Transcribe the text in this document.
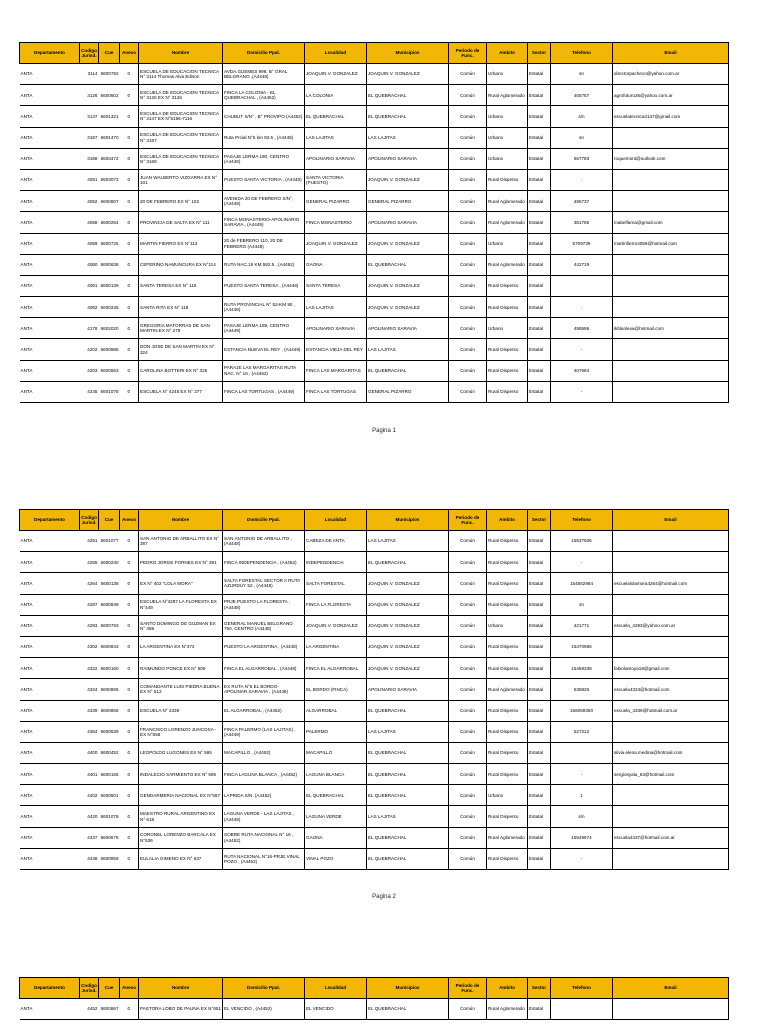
Departamento	Codigo Jurisd.	Cue	Anexo	Nombre	Domicilio Ppal.	Localidad	Municipios	Periodo de Func.	Ambito	Sector	Telefono	Email
ANTA	3114	6600792	0	ESCUELA DE EDUCACION TECNICA N° 3114 Thomas Alva Edison	AVDA.GUEMES 998, B° GRAL BELGRANO ,(A4448)	JOAQUIN V. GONZALEZ	JOAQUIN V. GONZALEZ	Común	Urbano	Estatal	sn	directorpacheco@yahoo.com.ar
ANTA	3126	6600602	0	ESCUELA DE EDUCACION TECNICA N° 3126 EX N° 3126	FINCA LA COLONIA - EL QUEBRACHAL , (A4452)	LA COLONIA	EL QUEBRACHAL	Común	Rural Aglomerado	Estatal	405757	agrofuturo26@yahoo.com.ar
ANTA	3147	6601321	0	ESCUELA DE EDUCACION TECNICA N° 3147 EX N°5166-7116	CHUBUT S/N° , B° PROVIPO (A4452)	EL QUEBRACHAL	EL QUEBRACHAL	Común	Urbano	Estatal	s/n	escuelatecnica3147@gmail.com
ANTA	3167	6601470	0	ESCUELA DE EDUCACION TECNICA N° 3167	Ruta Prcial N°5 km 93.5 , (A4449)	LAS LAJITAS	LAS LAJITAS	Común	Urbano	Estatal	sn	
ANTA	3168	6603472	0	ESCUELA DE EDUCACION TECNICA N° 3168	PASAJE LERMA 180, CENTRO (A4449)	APOLINARIO SARAVIA	APOLINARIO SARAVIA	Común	Urbano	Estatal	667783	roquemont@outlook.com
ANTA	4051	6603073	0	JUAN WALBERTO VIZGARRA EX N° 101	PUESTO SANTA VICTORIA , (A4448)	SANTA VICTORIA (PUESTO)	JOAQUIN V. GONZALEZ	Común	Rural Disperso	Estatal	-	
ANTA	4052	6600807	0	20 DE FEBRERO EX N° 102	AVENIDA 20 DE FEBRERO S/N°, (A4449)	GENERAL PIZARRO	GENERAL PIZARRO	Común	Rural Aglomerado	Estatal	496737	
ANTA	4058	6600254	0	PROVINCIA DE SALTA EX N° 111	FINCA MONASTERIO-APOLINARIO SARAVIA , (A4449)	FINCA MONASTERIO	APOLINARIO SARAVIA	Común	Rural Aglomerado	Estatal	381765	mabelfarna@gmail.com
ANTA	4059	6600725	0	MARTIN FIERRO EX N°113	20 de FEBRERO 110, 20 DE FEBRERO (A4448)	JOAQUIN V. GONZALEZ	JOAQUIN V. GONZALEZ	Común	Urbano	Estatal	5709739	martinfierro4059@hotmail.com
ANTA	4060	6600638	0	CEFERINO NAMUNCURA EX N°114	RUTA NAC.16 KM 592.5 , (A4452)	GAONA	EL QUEBRACHAL	Común	Rural Aglomerado	Estatal	442719	
ANTA	4061	6600139	0	SANTA TERESA EX N° 116	PUESTO SANTA TERESA , (A4448)	SANTA TERESA	JOAQUIN V. GONZALEZ	Común	Rural Disperso	Estatal		
ANTA	4062	6600235	0	SANTA RITA EX N° 118	RUTA PROVINCIAL N° 52-KM 90 , (A4448)	LAS LAJITAS	JOAQUIN V. GONZALEZ	Común	Rural Disperso	Estatal	-	
ANTA	4178	6602020	0	GREGORIA MATORRAS DE SAN MARTIN EX N° 279	PASAJE LERMA 189, CENTRO (A4449)	APOLINARIO SARAVIA	APOLINARIO SARAVIA	Común	Urbano	Estatal	495596	ikblanlexa@hotmail.com
ANTA	4202	6600985	0	DON JOSE DE SAN MARTIN EX N° 324	ESTANCIA NUEVA EL REY , (A4449)	ESTANCIA VIEJA DEL REY	LAS LAJITAS	Común	Rural Disperso	Estatal	-	
ANTA	4203	6600563	0	CAROLINA BOTTERI EX N° 325	PARAJE LAS MARGARITAS RUTA NAC. N° 16 , (A4452)	FINCA LAS MARGARITAS	EL QUEBRACHAL	Común	Rural Disperso	Estatal	407684	
ANTA	4245	6601078	0	ESCUELA N° 4245 EX N° 377	FINCA LAS TORTUGAS , (A4449)	FINCA LAS TORTUGAS	GENERAL PIZARRO	Común	Rural Disperso	Estatal	-	
Pagina 1
Departamento	Codigo Jurisd.	Cue	Anexo	Nombre	Domicilio Ppal.	Localidad	Municipios	Periodo de Func.	Ambito	Sector	Telefono	Email
ANTA	4251	6601077	0	SAN ANTONIO DE ARBALLITO EX N° 387	SAN ANTONIO DE ARBALLITO , (A4448)	CABEZA DE ANTA	LAS LAJITAS	Común	Rural Disperso	Estatal	15537506	
ANTA	4255	6600230	0	PEDRO JORGE FORNES EX N° 391	FINCA INDEPENDENCIA , (A4452)	INDEPENDENCIA	EL QUEBRACHAL	Común	Rural Disperso	Estatal	-	
ANTA	4264	6600138	0	EX N° 402 "LOLA MORA"	SALTA FORESTAL SECTOR II RUTA AZURDUY 52 , (A4448)	SALTA FORESTAL	JOAQUIN V. GONZALEZ	Común	Rural Disperso	Estatal	154562984	escuelalolamora4264@hotmail.com
ANTA	4287	6600849	0	ESCUELA N°4287 LA FLORESTA EX N°449	PRJE.PUESTO LA FLORESTA , (A4448)	FINCA LA FLORESTA	JOAQUIN V. GONZALEZ	Común	Rural Disperso	Estatal	sn	
ANTA	4293	6600793	0	SANTO DOMINGO DE GUZMAN EX N° 459	GENERAL MANUEL BELGRANO 750, CENTRO (A4448)	JOAQUIN V. GONZALEZ	JOAQUIN V. GONZALEZ	Común	Urbano	Estatal	421771	escuela_4293@yahoo.com.ar
ANTA	4302	6600843	0	LA ARGENTINA EX N°473	PUESTO LA ARGENTINA , (A4448)	LA ARGENTINA	JOAQUIN V. GONZALEZ	Común	Rural Disperso	Estatal	15470965	
ANTA	4322	6600160	0	RAIMUNDO PONCE EX N° 509	FINCA EL ALGARROBAL , (A4448)	FINCA EL ALGARROBAL	JOAQUIN V. GONZALEZ	Común	Rural Disperso	Estatal	15459339	fabiolamoya19@gmail.com
ANTA	4324	6600865	0	COMANDANTE LUIS PIEDRA BUENA EX N° 512	EX RUTA N°5 EL BORDO-APOLINAR.SARAVIA , (A4449)	EL BORDO (FINCA)	APOLINARIO SARAVIA	Común	Rural Aglomerado	Estatal	535826	escuela4324@hotmail.com
ANTA	4339	6600866	0	ESCUELA N° 4339	EL ALGARROBAL , (A4452)	ALGARROBAL	EL QUEBRACHAL	Común	Rural Disperso	Estatal	156059350	escuela_4339@hotmail.com.ar
ANTA	4364	6600639	0	FRANCISCO LORENZO JUNCOSA - EX N°558	FINCA PALERMO (LAS LAJITAS) , (A4449)	PALERMO	LAS LAJITAS	Común	Rural Disperso	Estatal	527212	
ANTA	4400	6600452	0	LEOPOLDO LUGONES EX N° 595	MACAPILLO , (A4452)	MACAPILLO	EL QUEBRACHAL	Común	Rural Disperso	Estatal		silvia.elena.medina@hotmail.com
ANTA	4401	6600155	0	INDALECIO SARMIENTO EX N° 596	FINCA LAGUNA BLANCA , (A4452)	LAGUNA BLANCA	EL QUEBRACHAL	Común	Rural Disperso	Estatal	-	sergiosyala_63@hotmail.com
ANTA	4402	6600601	0	GENDARMERIA NACIONAL EX N°597	LAPRIDA S/N, (A4452)	EL QUEBRACHAL	EL QUEBRACHAL	Común	Urbano	Estatal	1	
ANTA	4420	6601078	0	MAESTRO RURAL ARGENTINO EX N° 618	LAGUNA VERDE - LAS LAJITAS , (A4449)	LAGUNA VERDE	LAS LAJITAS	Común	Rural Disperso	Estatal	s/n	
ANTA	4437	6600675	0	CORONEL LORENZO BARCALA EX N°636	SOBRE RUTA NACIONAL N° 16 , (A4452)	GAONA	EL QUEBRACHAL	Común	Rural Aglomerado	Estatal	15549674	escuela4437@hotmail.com.ar
ANTA	4438	6600959	0	EULALIA GIMENO EX N° 637	RUTA NACIONAL N°16-PRJE.VINAL POZO , (A4452)	VINAL POZO	EL QUEBRACHAL	Común	Rural Disperso	Estatal	-	
Pagina 2
Departamento	Codigo Jurisd.	Cue	Anexo	Nombre	Domicilio Ppal.	Localidad	Municipios	Periodo de Func.	Ambito	Sector	Telefono	Email
ANTA	4452	6600867	0	PASTORA LOBO DE PAUNA EX N°651	EL VENCIDO , (A4452)	EL VENCIDO	EL QUEBRACHAL	Común	Rural Aglomerado	Estatal		
